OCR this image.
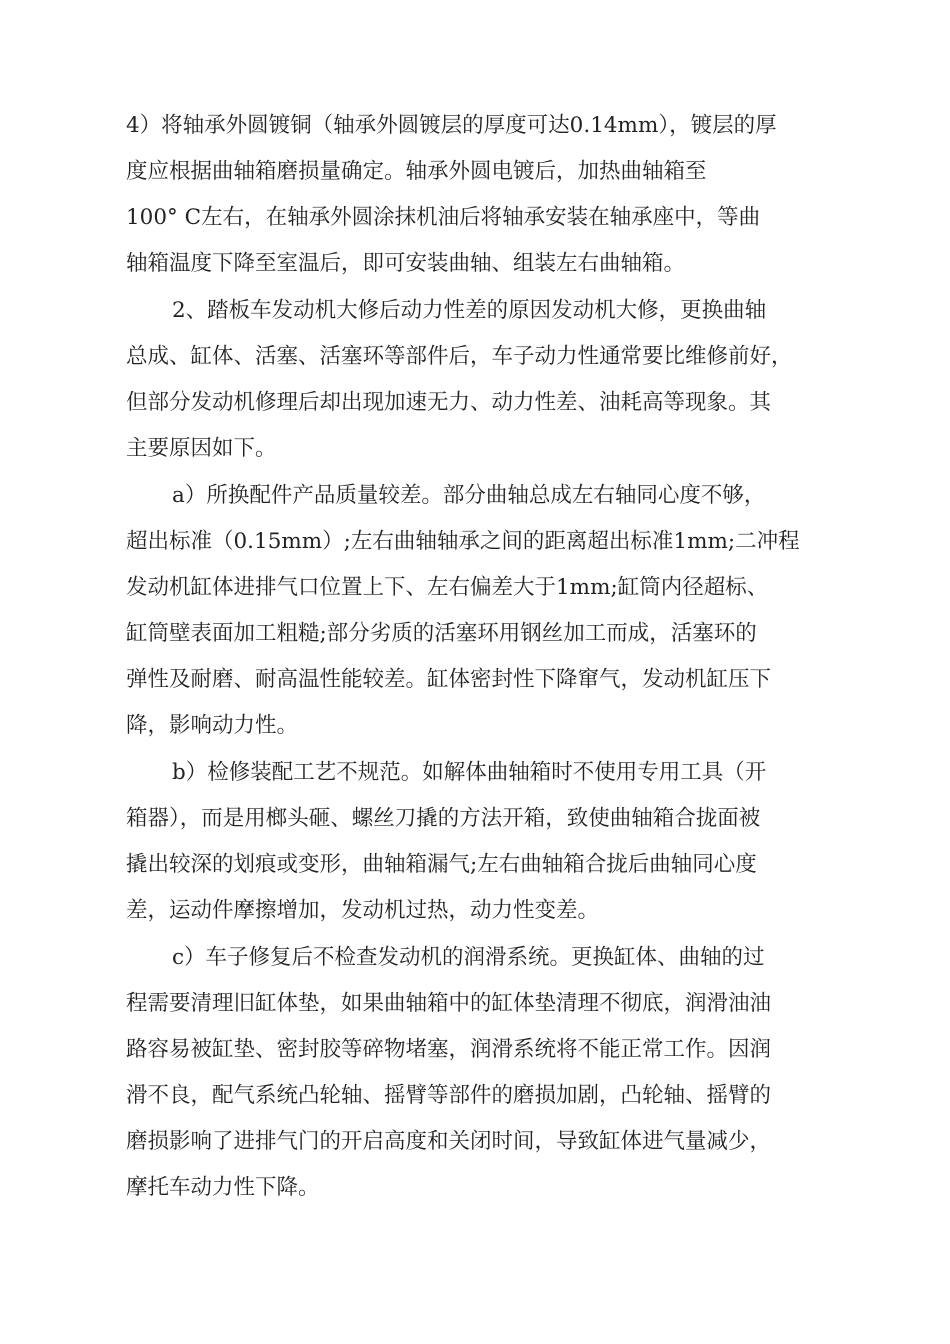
4）将轴承外圆镀铜（轴承外圆镀层的厚度可达0.14mm），镀层的厚
度应根据曲轴箱磨损量确定。轴承外圆电镀后，加热曲轴箱至
100° C左右，在轴承外圆涂抹机油后将轴承安装在轴承座中，等曲
轴箱温度下降至室温后，即可安装曲轴、组装左右曲轴箱。
2、踏板车发动机大修后动力性差的原因发动机大修，更换曲轴
总成、缸体、活塞、活塞环等部件后，车子动力性通常要比维修前好，
但部分发动机修理后却出现加速无力、动力性差、油耗高等现象。其
主要原因如下。
a）所换配件产品质量较差。部分曲轴总成左右轴同心度不够，
超出标准（0.15mm）;左右曲轴轴承之间的距离超出标准1mm;二冲程
发动机缸体进排气口位置上下、左右偏差大于1mm;缸筒内径超标、
缸筒壁表面加工粗糙;部分劣质的活塞环用钢丝加工而成，活塞环的
弹性及耐磨、耐高温性能较差。缸体密封性下降窜气，发动机缸压下
降，影响动力性。
b）检修装配工艺不规范。如解体曲轴箱时不使用专用工具（开
箱器），而是用榔头砸、螺丝刀撬的方法开箱，致使曲轴箱合拢面被
撬出较深的划痕或变形，曲轴箱漏气;左右曲轴箱合拢后曲轴同心度
差，运动件摩擦增加，发动机过热，动力性变差。
c）车子修复后不检查发动机的润滑系统。更换缸体、曲轴的过
程需要清理旧缸体垫，如果曲轴箱中的缸体垫清理不彻底，润滑油油
路容易被缸垫、密封胶等碎物堵塞，润滑系统将不能正常工作。因润
滑不良，配气系统凸轮轴、摇臂等部件的磨损加剧，凸轮轴、摇臂的
磨损影响了进排气门的开启高度和关闭时间，导致缸体进气量减少，
摩托车动力性下降。
